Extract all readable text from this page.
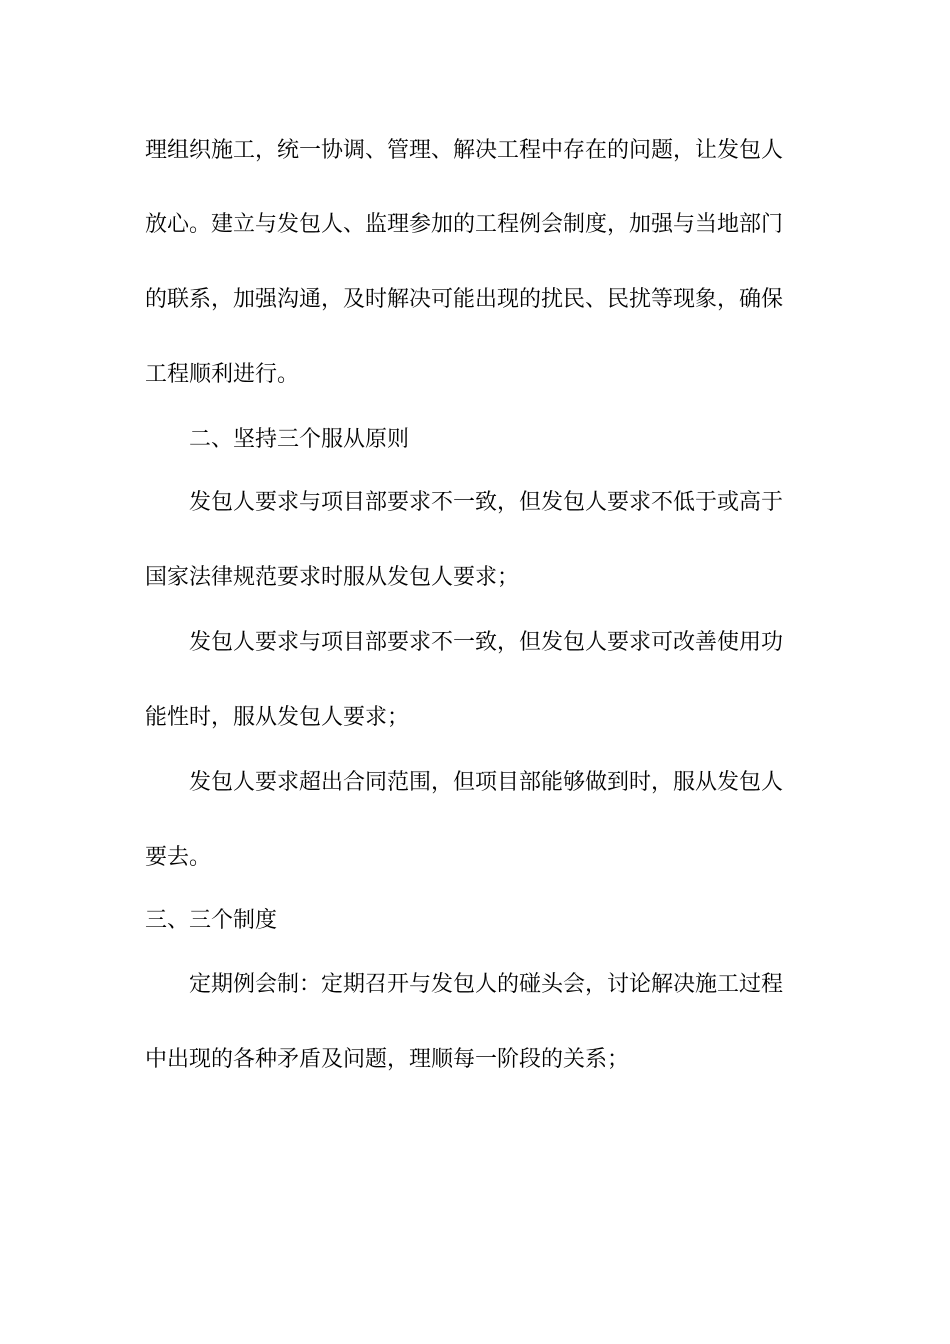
理组织施工，统一协调、管理、解决工程中存在的问题，让发包人
放心。建立与发包人、监理参加的工程例会制度，加强与当地部门
的联系，加强沟通，及时解决可能出现的扰民、民扰等现象，确保
工程顺利进行。
二、坚持三个服从原则
发包人要求与项目部要求不一致，但发包人要求不低于或高于
国家法律规范要求时服从发包人要求；
发包人要求与项目部要求不一致，但发包人要求可改善使用功
能性时，服从发包人要求；
发包人要求超出合同范围，但项目部能够做到时，服从发包人
要去。
三、三个制度
定期例会制：定期召开与发包人的碰头会，讨论解决施工过程
中出现的各种矛盾及问题，理顺每一阶段的关系；
